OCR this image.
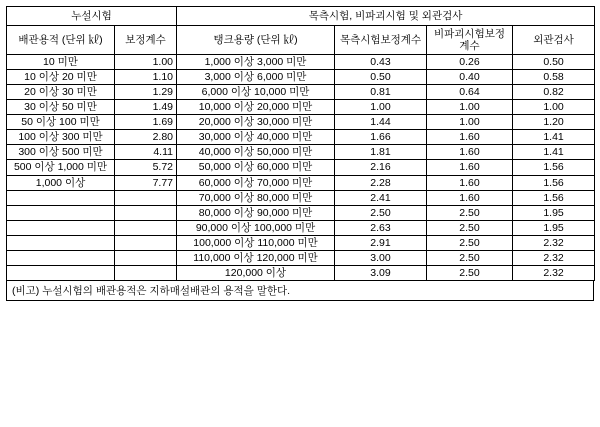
누설시험		목측시험, 비파괴시험 및 외관검사			
배관용적 (단위 ㎘)	보정계수	탱크용량 (단위 ㎘)	목측시험보정계수	비파괴시험보정계수	외관검사
10 미만	1.00	1,000 이상 3,000 미만	0.43	0.26	0.50
10 이상 20 미만	1.10	3,000 이상 6,000 미만	0.50	0.40	0.58
20 이상 30 미만	1.29	6,000 이상 10,000 미만	0.81	0.64	0.82
30 이상 50 미만	1.49	10,000 이상 20,000 미만	1.00	1.00	1.00
50 이상 100 미만	1.69	20,000 이상 30,000 미만	1.44	1.00	1.20
100 이상 300 미만	2.80	30,000 이상 40,000 미만	1.66	1.60	1.41
300 이상 500 미만	4.11	40,000 이상 50,000 미만	1.81	1.60	1.41
500 이상 1,000 미만	5.72	50,000 이상 60,000 미만	2.16	1.60	1.56
1,000 이상	7.77	60,000 이상 70,000 미만	2.28	1.60	1.56
		70,000 이상 80,000 미만	2.41	1.60	1.56
		80,000 이상 90,000 미만	2.50	2.50	1.95
		90,000 이상 100,000 미만	2.63	2.50	1.95
		100,000 이상 110,000 미만	2.91	2.50	2.32
		110,000 이상 120,000 미만	3.00	2.50	2.32
		120,000 이상	3.09	2.50	2.32
(비고) 누설시험의 배관용적은 지하매설배관의 용적을 말한다.
